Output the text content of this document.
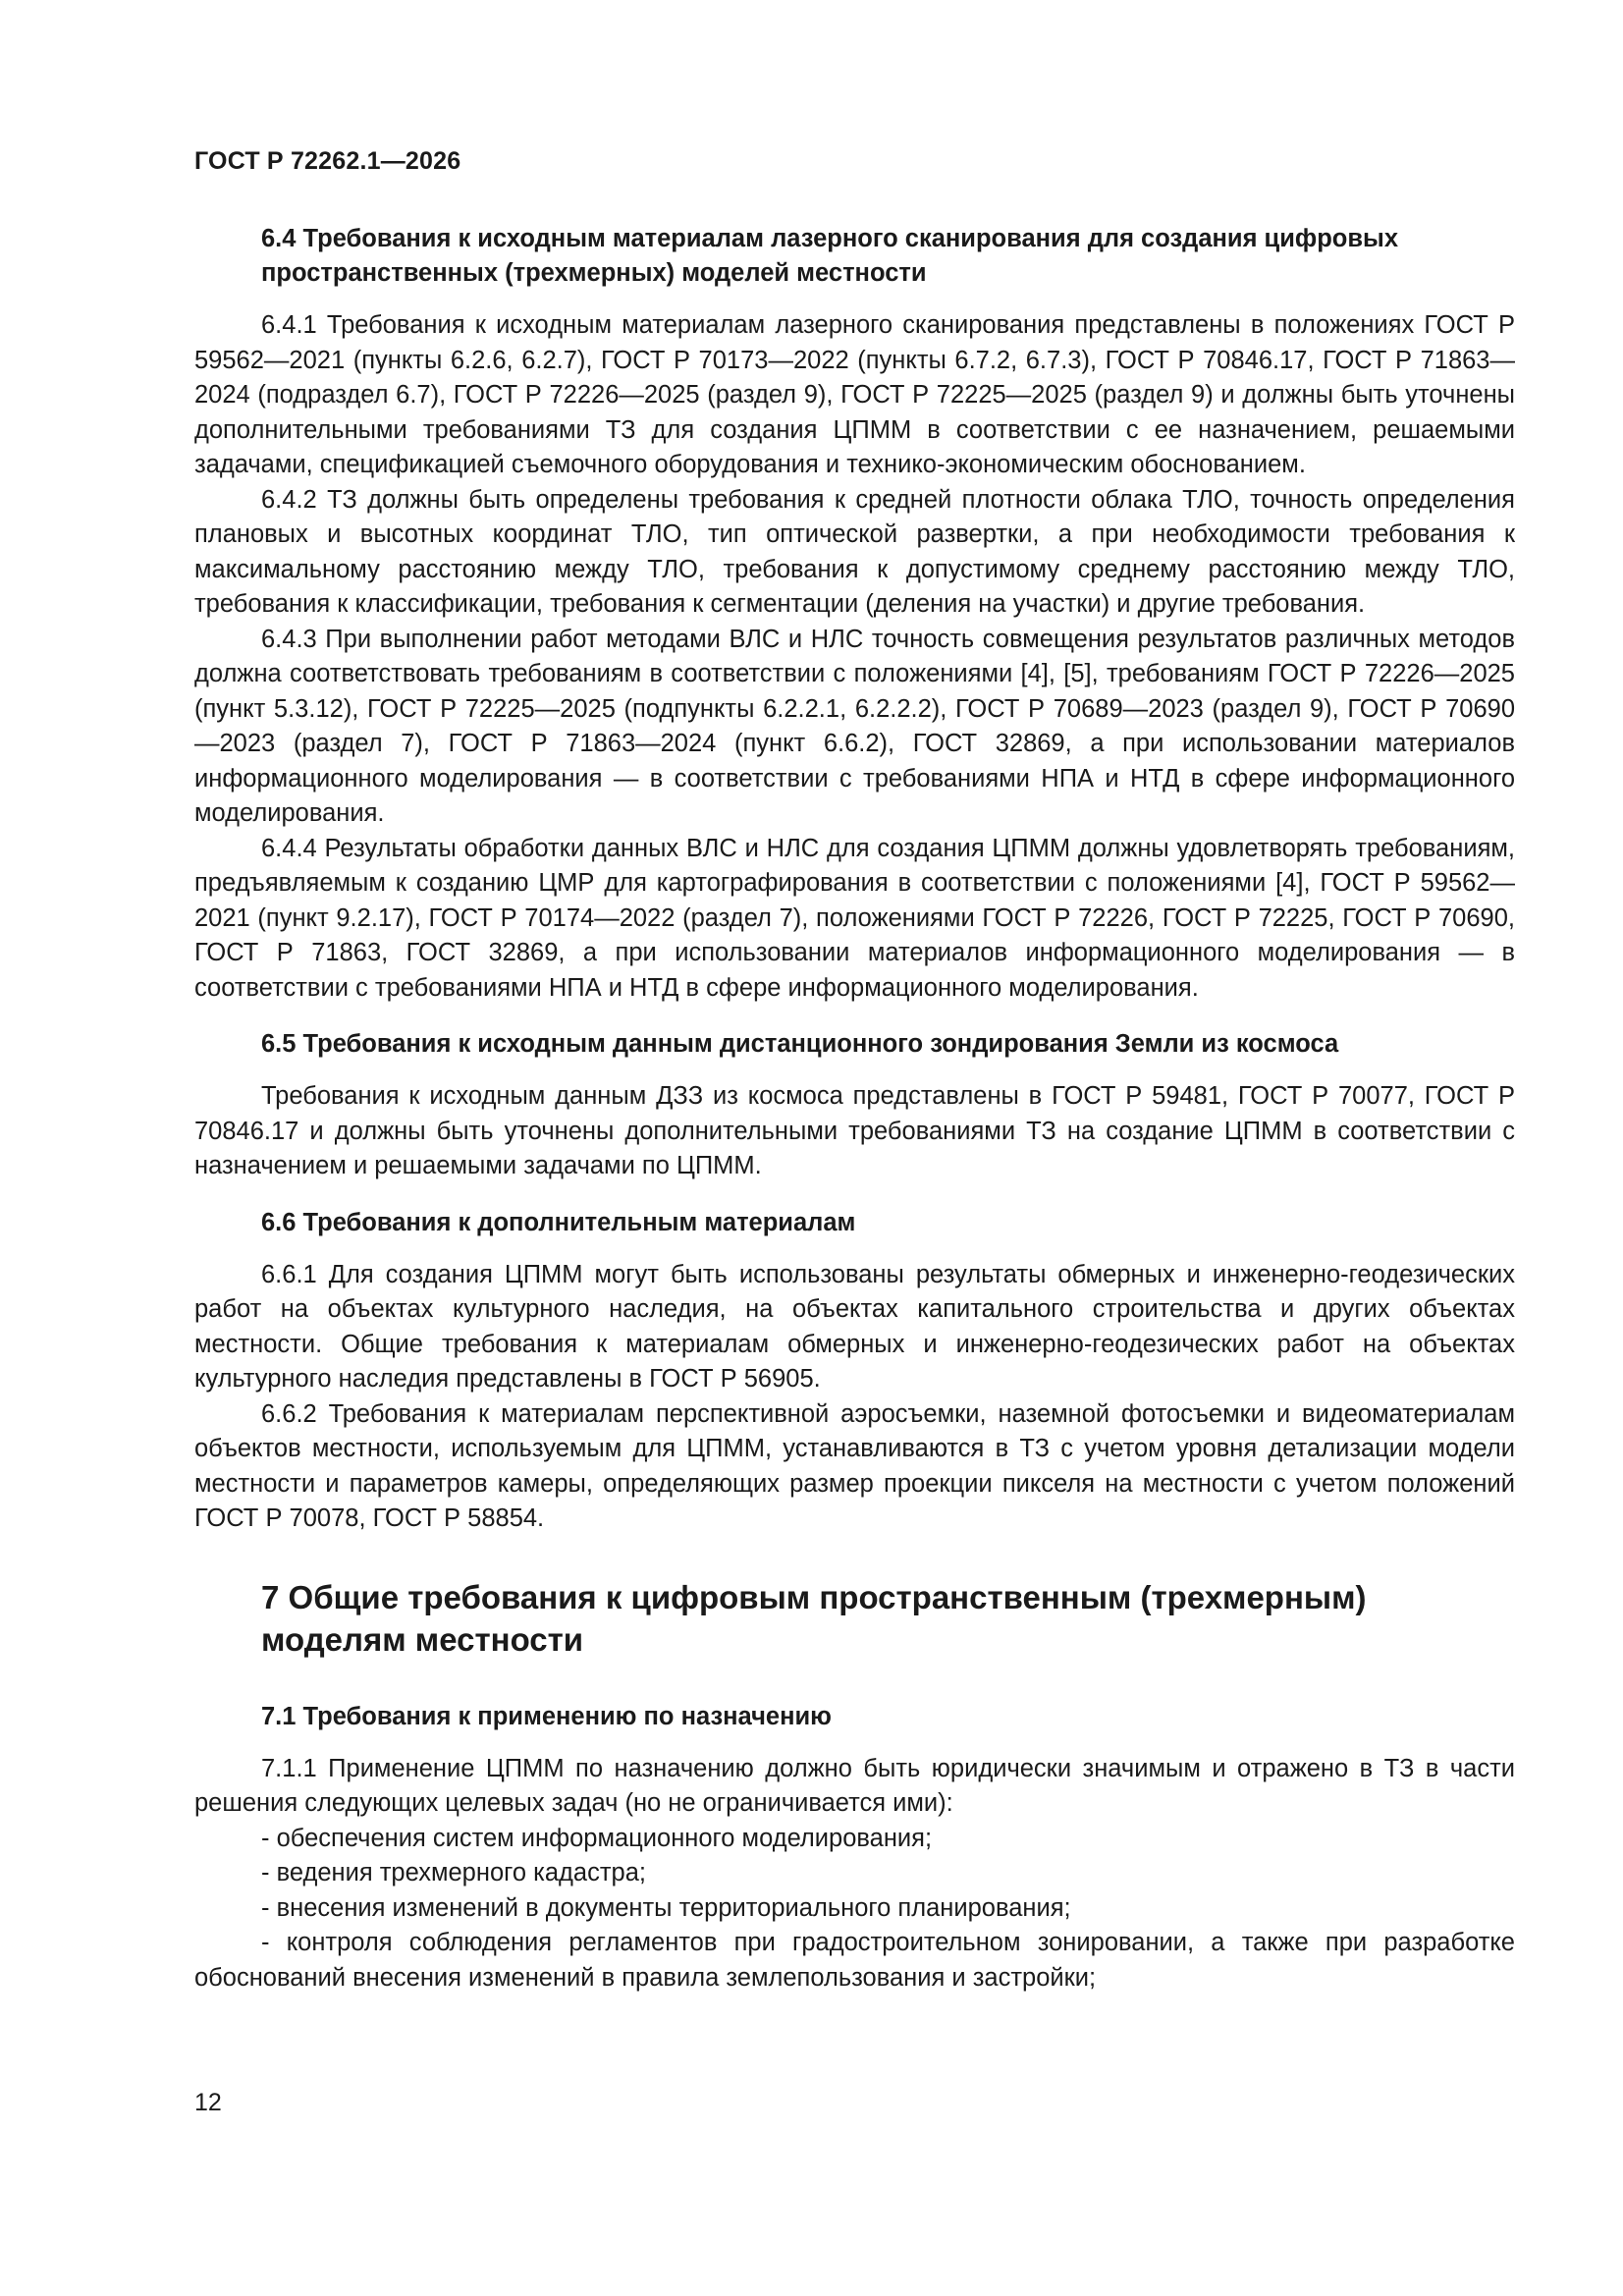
ГОСТ Р 72262.1—2026

6.4 Требования к исходным материалам лазерного сканирования для создания цифровых пространственных (трехмерных) моделей местности

6.4.1 Требования к исходным материалам лазерного сканирования представлены в положениях ГОСТ Р 59562—2021 (пункты 6.2.6, 6.2.7), ГОСТ Р 70173—2022 (пункты 6.7.2, 6.7.3), ГОСТ Р 70846.17, ГОСТ Р 71863—2024 (подраздел 6.7), ГОСТ Р 72226—2025 (раздел 9), ГОСТ Р 72225—2025 (раздел 9) и должны быть уточнены дополнительными требованиями ТЗ для создания ЦПММ в соответствии с ее назначением, решаемыми задачами, спецификацией съемочного оборудования и технико-экономическим обоснованием.

6.4.2 ТЗ должны быть определены требования к средней плотности облака ТЛО, точность определения плановых и высотных координат ТЛО, тип оптической развертки, а при необходимости требования к максимальному расстоянию между ТЛО, требования к допустимому среднему расстоянию между ТЛО, требования к классификации, требования к сегментации (деления на участки) и другие требования.

6.4.3 При выполнении работ методами ВЛС и НЛС точность совмещения результатов различных методов должна соответствовать требованиям в соответствии с положениями [4], [5], требованиям ГОСТ Р 72226—2025 (пункт 5.3.12), ГОСТ Р 72225—2025 (подпункты 6.2.2.1, 6.2.2.2), ГОСТ Р 70689—2023 (раздел 9), ГОСТ Р 70690—2023 (раздел 7), ГОСТ Р 71863—2024 (пункт 6.6.2), ГОСТ 32869, а при использовании материалов информационного моделирования — в соответствии с требованиями НПА и НТД в сфере информационного моделирования.

6.4.4 Результаты обработки данных ВЛС и НЛС для создания ЦПММ должны удовлетворять требованиям, предъявляемым к созданию ЦМР для картографирования в соответствии с положениями [4], ГОСТ Р 59562—2021 (пункт 9.2.17), ГОСТ Р 70174—2022 (раздел 7), положениями ГОСТ Р 72226, ГОСТ Р 72225, ГОСТ Р 70690, ГОСТ Р 71863, ГОСТ 32869, а при использовании материалов информационного моделирования — в соответствии с требованиями НПА и НТД в сфере информационного моделирования.

6.5 Требования к исходным данным дистанционного зондирования Земли из космоса

Требования к исходным данным ДЗЗ из космоса представлены в ГОСТ Р 59481, ГОСТ Р 70077, ГОСТ Р 70846.17 и должны быть уточнены дополнительными требованиями ТЗ на создание ЦПММ в соответствии с назначением и решаемыми задачами по ЦПММ.

6.6 Требования к дополнительным материалам

6.6.1 Для создания ЦПММ могут быть использованы результаты обмерных и инженерно-геодезических работ на объектах культурного наследия, на объектах капитального строительства и других объектах местности. Общие требования к материалам обмерных и инженерно-геодезических работ на объектах культурного наследия представлены в ГОСТ Р 56905.

6.6.2 Требования к материалам перспективной аэросъемки, наземной фотосъемки и видеоматериалам объектов местности, используемым для ЦПММ, устанавливаются в ТЗ с учетом уровня детализации модели местности и параметров камеры, определяющих размер проекции пикселя на местности с учетом положений ГОСТ Р 70078, ГОСТ Р 58854.

7 Общие требования к цифровым пространственным (трехмерным) моделям местности

7.1 Требования к применению по назначению

7.1.1 Применение ЦПММ по назначению должно быть юридически значимым и отражено в ТЗ в части решения следующих целевых задач (но не ограничивается ими):

- обеспечения систем информационного моделирования;

- ведения трехмерного кадастра;

- внесения изменений в документы территориального планирования;

- контроля соблюдения регламентов при градостроительном зонировании, а также при разработке обоснований внесения изменений в правила землепользования и застройки;

12
